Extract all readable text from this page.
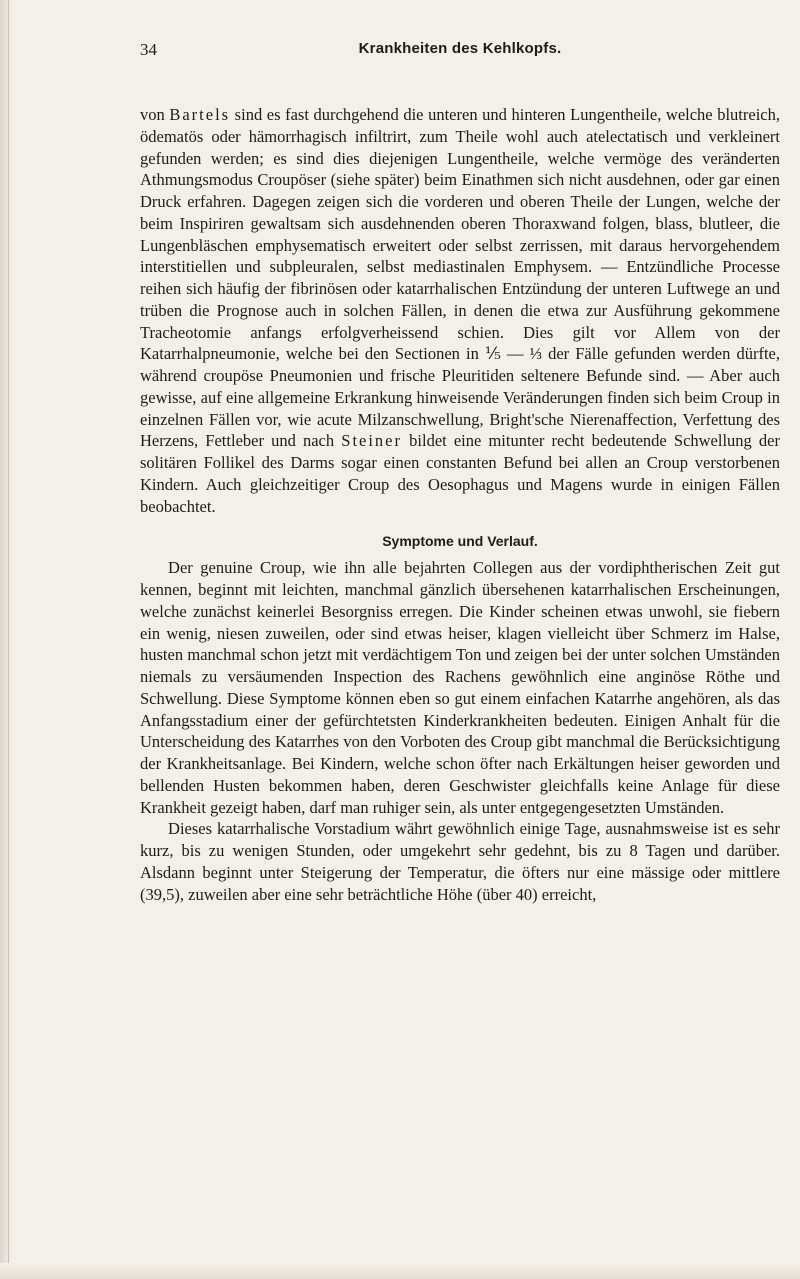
34	Krankheiten des Kehlkopfs.

von Bartels sind es fast durchgehend die unteren und hinteren Lungentheile, welche blutreich, ödematös oder hämorrhagisch infiltrirt, zum Theile wohl auch atelectatisch und verkleinert gefunden werden; es sind dies diejenigen Lungentheile, welche vermöge des veränderten Athmungsmodus Croupöser (siehe später) beim Einathmen sich nicht ausdehnen, oder gar einen Druck erfahren. Dagegen zeigen sich die vorderen und oberen Theile der Lungen, welche der beim Inspiriren gewaltsam sich ausdehnenden oberen Thoraxwand folgen, blass, blutleer, die Lungenbläschen emphysematisch erweitert oder selbst zerrissen, mit daraus hervorgehendem interstitiellen und subpleuralen, selbst mediastinalen Emphysem. — Entzündliche Processe reihen sich häufig der fibrinösen oder katarrhalischen Entzündung der unteren Luftwege an und trüben die Prognose auch in solchen Fällen, in denen die etwa zur Ausführung gekommene Tracheotomie anfangs erfolgverheissend schien. Dies gilt vor Allem von der Katarrhalpneumonie, welche bei den Sectionen in ⅕ — ⅓ der Fälle gefunden werden dürfte, während croupöse Pneumonien und frische Pleuritiden seltenere Befunde sind. — Aber auch gewisse, auf eine allgemeine Erkrankung hinweisende Veränderungen finden sich beim Croup in einzelnen Fällen vor, wie acute Milzanschwellung, Bright'sche Nierenaffection, Verfettung des Herzens, Fettleber und nach Steiner bildet eine mitunter recht bedeutende Schwellung der solitären Follikel des Darms sogar einen constanten Befund bei allen an Croup verstorbenen Kindern. Auch gleichzeitiger Croup des Oesophagus und Magens wurde in einigen Fällen beobachtet.

Symptome und Verlauf.

Der genuine Croup, wie ihn alle bejahrten Collegen aus der vordiphtherischen Zeit gut kennen, beginnt mit leichten, manchmal gänzlich übersehenen katarrhalischen Erscheinungen, welche zunächst keinerlei Besorgniss erregen. Die Kinder scheinen etwas unwohl, sie fiebern ein wenig, niesen zuweilen, oder sind etwas heiser, klagen vielleicht über Schmerz im Halse, husten manchmal schon jetzt mit verdächtigem Ton und zeigen bei der unter solchen Umständen niemals zu versäumenden Inspection des Rachens gewöhnlich eine anginöse Röthe und Schwellung. Diese Symptome können eben so gut einem einfachen Katarrhe angehören, als das Anfangsstadium einer der gefürchtetsten Kinderkrankheiten bedeuten. Einigen Anhalt für die Unterscheidung des Katarrhes von den Vorboten des Croup gibt manchmal die Berücksichtigung der Krankheitsanlage. Bei Kindern, welche schon öfter nach Erkältungen heiser geworden und bellenden Husten bekommen haben, deren Geschwister gleichfalls keine Anlage für diese Krankheit gezeigt haben, darf man ruhiger sein, als unter entgegengesetzten Umständen.

Dieses katarrhalische Vorstadium währt gewöhnlich einige Tage, ausnahmsweise ist es sehr kurz, bis zu wenigen Stunden, oder umgekehrt sehr gedehnt, bis zu 8 Tagen und darüber. Alsdann beginnt unter Steigerung der Temperatur, die öfters nur eine mässige oder mittlere (39,5), zuweilen aber eine sehr beträchtliche Höhe (über 40) erreicht,
